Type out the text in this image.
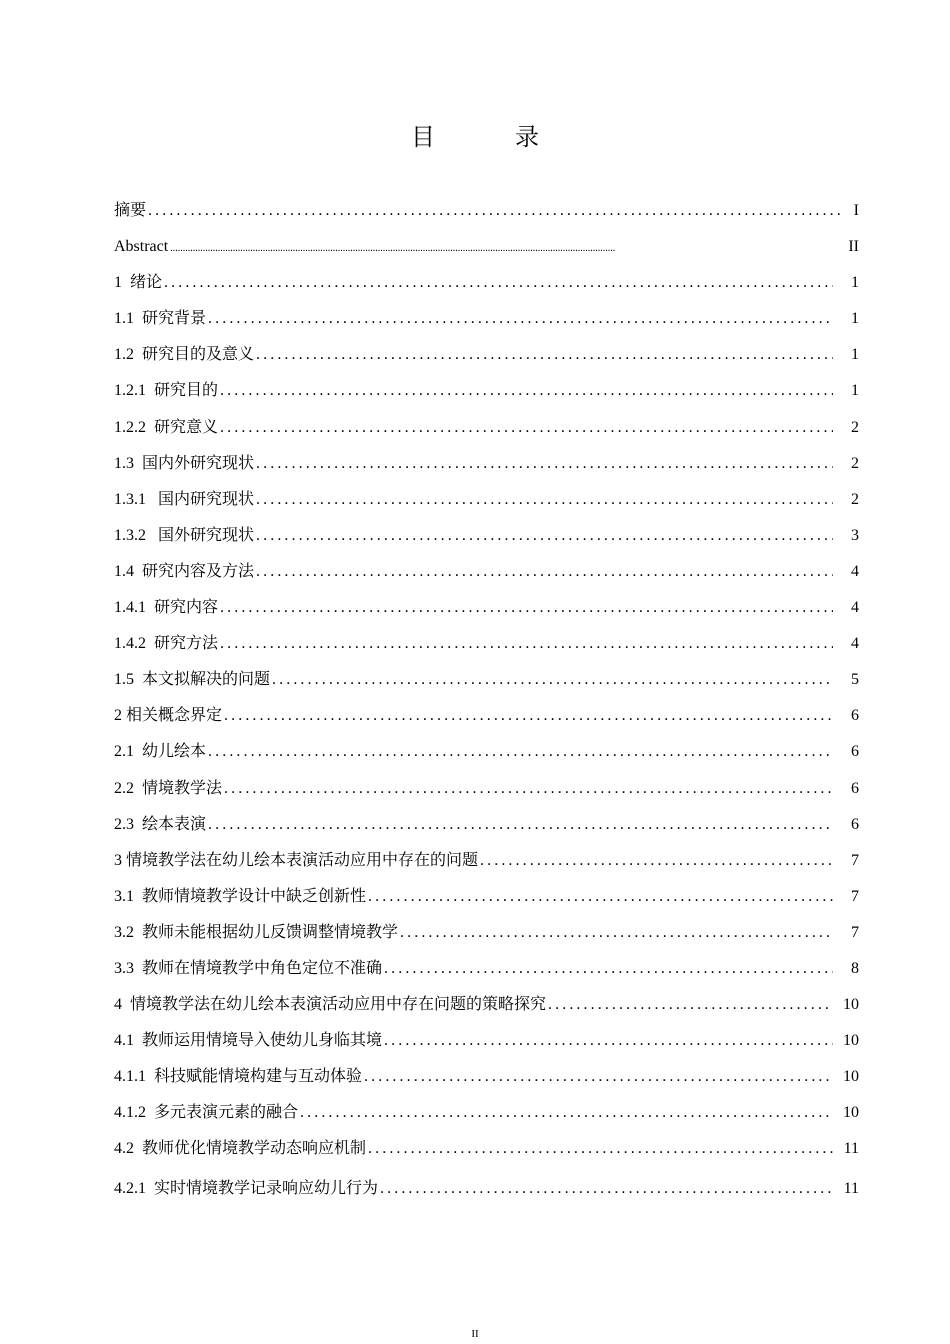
目　录
摘要 .....	I
Abstract .....	II
1  绪论 .....	1
1.1  研究背景 .....	1
1.2  研究目的及意义 .....	1
1.2.1  研究目的 .....	1
1.2.2  研究意义 .....	2
1.3  国内外研究现状 .....	2
1.3.1   国内研究现状 .....	2
1.3.2   国外研究现状 .....	3
1.4  研究内容及方法 .....	4
1.4.1  研究内容 .....	4
1.4.2  研究方法 .....	4
1.5  本文拟解决的问题 .....	5
2 相关概念界定 .....	6
2.1  幼儿绘本 .....	6
2.2  情境教学法 .....	6
2.3  绘本表演 .....	6
3 情境教学法在幼儿绘本表演活动应用中存在的问题 .....	7
3.1  教师情境教学设计中缺乏创新性 .....	7
3.2  教师未能根据幼儿反馈调整情境教学 .....	7
3.3  教师在情境教学中角色定位不准确 .....	8
4  情境教学法在幼儿绘本表演活动应用中存在问题的策略探究 .....	10
4.1  教师运用情境导入使幼儿身临其境 .....	10
4.1.1  科技赋能情境构建与互动体验 .....	10
4.1.2  多元表演元素的融合 .....	10
4.2  教师优化情境教学动态响应机制 .....	11
4.2.1  实时情境教学记录响应幼儿行为 .....	11
II
